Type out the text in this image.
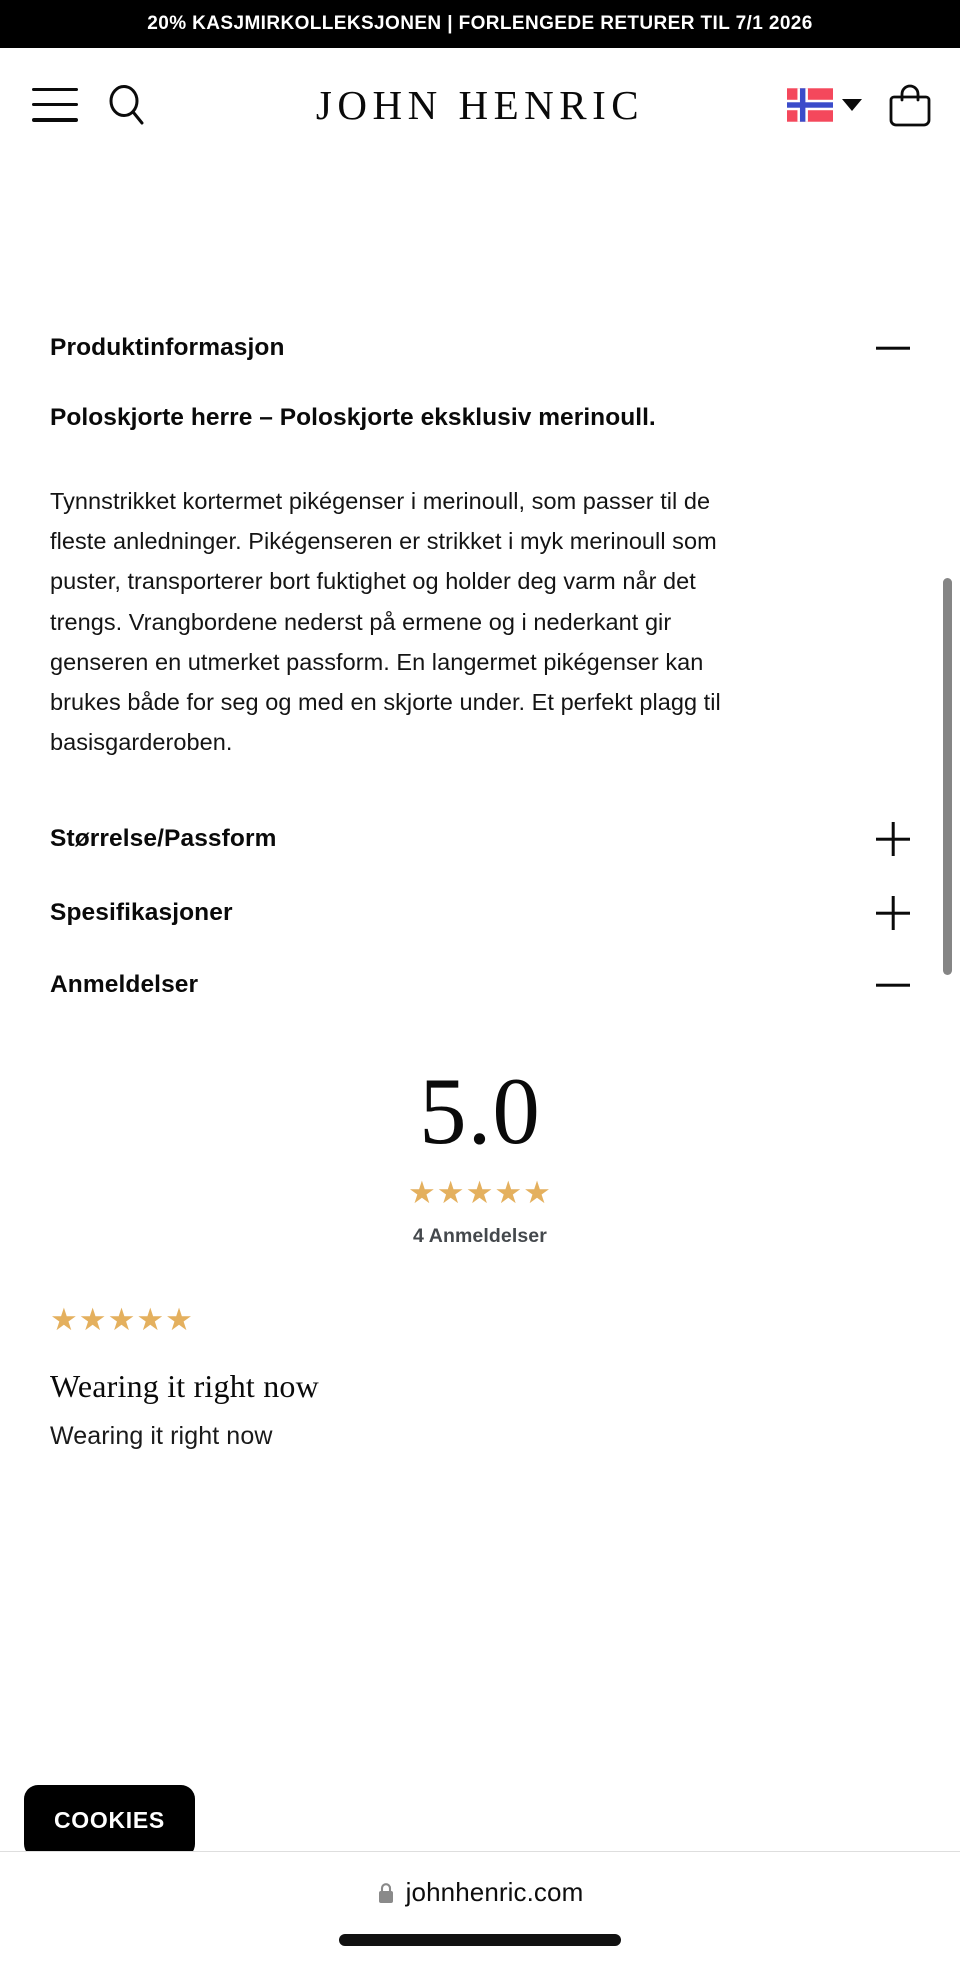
20% KASJMIRKOLLEKSJONEN | FORLENGEDE RETURER TIL 7/1 2026
JOHN HENRIC
Produktinformasjon
Poloskjorte herre – Poloskjorte eksklusiv merinoull.

Tynnstrikket kortermet pikégenser i merinoull, som passer til de fleste anledninger. Pikégenseren er strikket i myk merinoull som puster, transporterer bort fuktighet og holder deg varm når det trengs. Vrangbordene nederst på ermene og i nederkant gir genseren en utmerket passform. En langermet pikégenser kan brukes både for seg og med en skjorte under. Et perfekt plagg til basisgarderoben.

Størrelse/Passform
Spesifikasjoner
Anmeldelser
5.0
★★★★★
4 Anmeldelser
★★★★★
Wearing it right now
Wearing it right now
COOKIES
johnhenric.com
